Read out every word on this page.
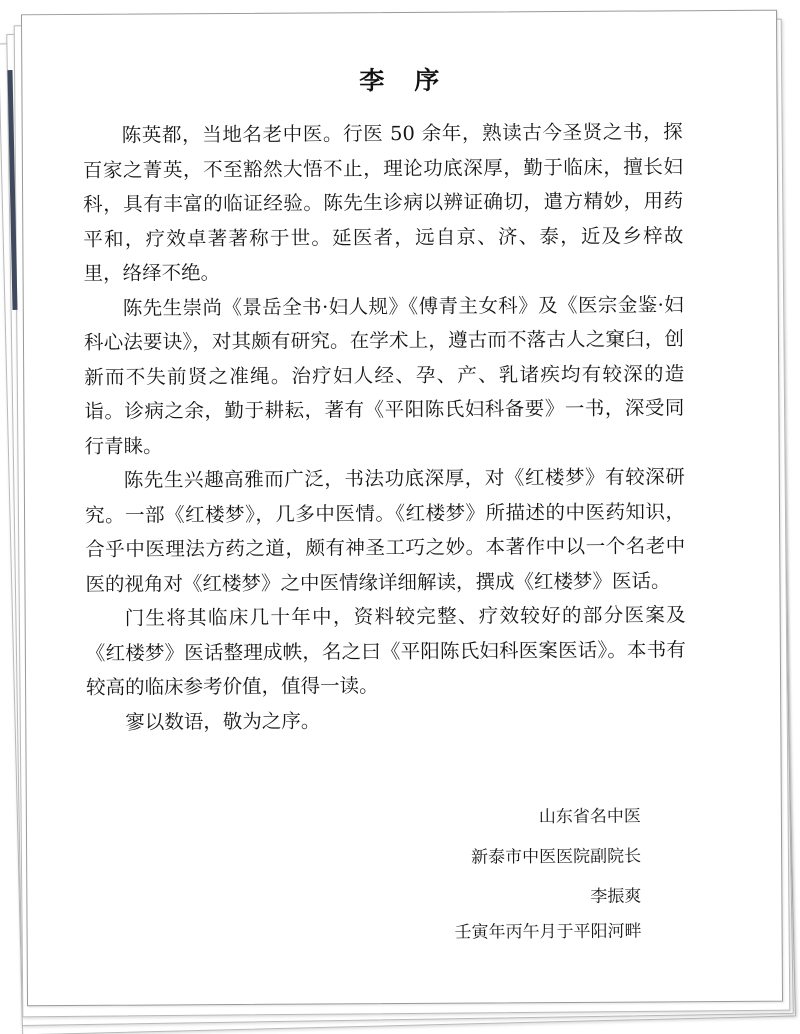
李序

陈英都，当地名老中医。行医 50 余年，熟读古今圣贤之书，探百家之菁英，不至豁然大悟不止，理论功底深厚，勤于临床，擅长妇科，具有丰富的临证经验。陈先生诊病以辨证确切，遣方精妙，用药平和，疗效卓著著称于世。延医者，远自京、济、泰，近及乡梓故里，络绎不绝。

陈先生崇尚《景岳全书·妇人规》《傅青主女科》及《医宗金鉴·妇科心法要诀》，对其颇有研究。在学术上，遵古而不落古人之窠臼，创新而不失前贤之准绳。治疗妇人经、孕、产、乳诸疾均有较深的造诣。诊病之余，勤于耕耘，著有《平阳陈氏妇科备要》一书，深受同行青睐。

陈先生兴趣高雅而广泛，书法功底深厚，对《红楼梦》有较深研究。一部《红楼梦》，几多中医情。《红楼梦》所描述的中医药知识，合乎中医理法方药之道，颇有神圣工巧之妙。本著作中以一个名老中医的视角对《红楼梦》之中医情缘详细解读，撰成《红楼梦》医话。

门生将其临床几十年中，资料较完整、疗效较好的部分医案及《红楼梦》医话整理成帙，名之曰《平阳陈氏妇科医案医话》。本书有较高的临床参考价值，值得一读。

寥以数语，敬为之序。

山东省名中医
新泰市中医医院副院长
李振爽
壬寅年丙午月于平阳河畔
